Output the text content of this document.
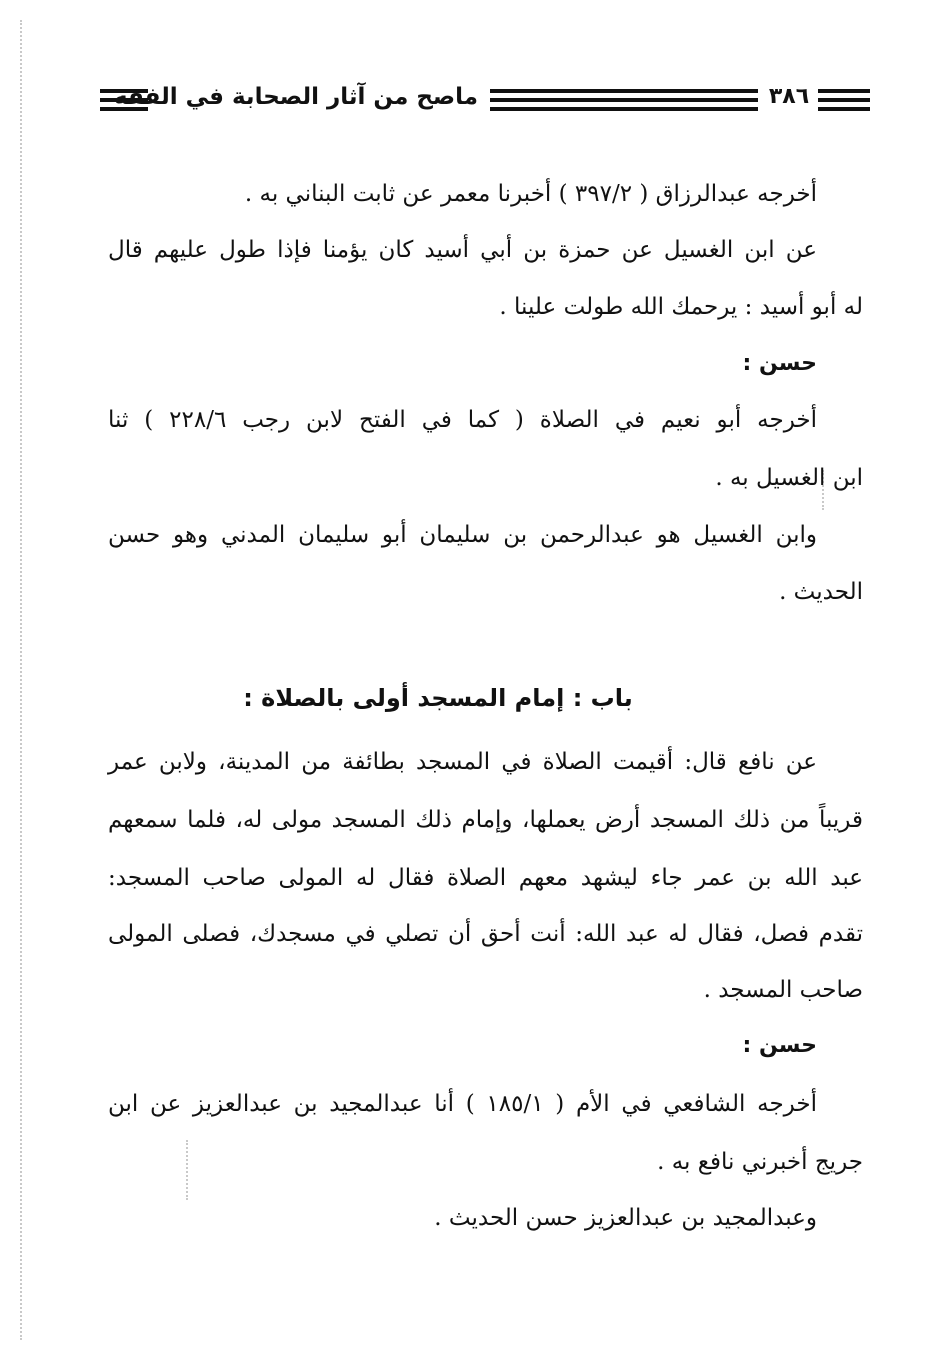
ماصح من آثار الصحابة في الفقه	٣٨٦
أخرجه عبدالرزاق ( ٣٩٧/٢ ) أخبرنا معمر عن ثابت البناني به .
عن ابن الغسيل عن حمزة بن أبي أسيد كان يؤمنا فإذا طول عليهم قال
له أبو أسيد : يرحمك الله طولت علينا .
حسن :
أخرجه أبو نعيم في الصلاة ( كما في الفتح لابن رجب ٢٢٨/٦ ) ثنا
ابن الغسيل به .
وابن الغسيل هو عبدالرحمن بن سليمان أبو سليمان المدني وهو حسن
الحديث .
باب : إمام المسجد أولى بالصلاة :
عن نافع قال: أقيمت الصلاة في المسجد بطائفة من المدينة، ولابن عمر
قريباً من ذلك المسجد أرض يعملها، وإمام ذلك المسجد مولى له، فلما سمعهم
عبد الله بن عمر جاء ليشهد معهم الصلاة فقال له المولى صاحب المسجد:
تقدم فصل، فقال له عبد الله: أنت أحق أن تصلي في مسجدك، فصلى المولى
صاحب المسجد .
حسن :
أخرجه الشافعي في الأم ( ١٨٥/١ ) أنا عبدالمجيد بن عبدالعزيز عن ابن
جريج أخبرني نافع به .
وعبدالمجيد بن عبدالعزيز حسن الحديث .
